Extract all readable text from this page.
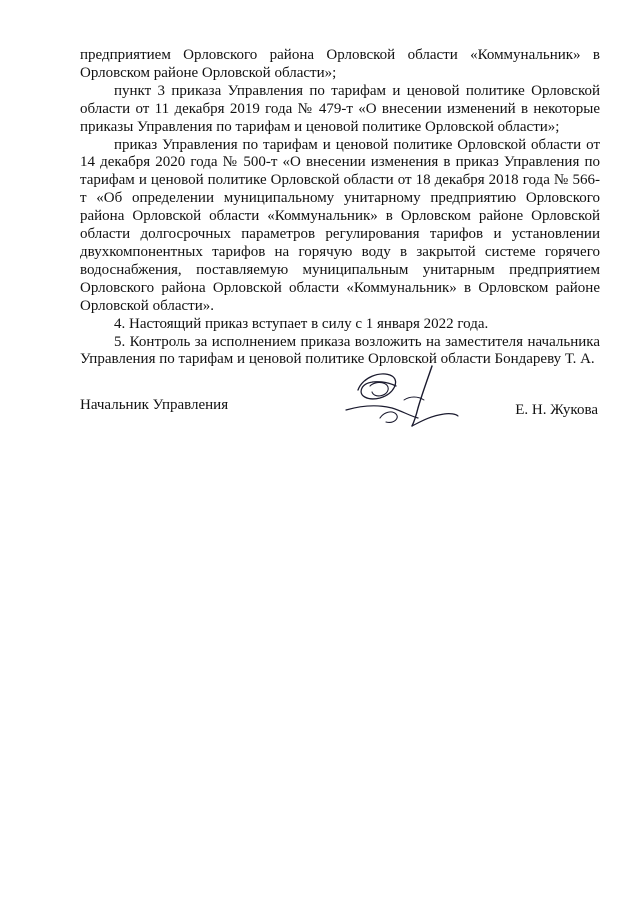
предприятием Орловского района Орловской области «Коммунальник» в Орловском районе Орловской области»;

пункт 3 приказа Управления по тарифам и ценовой политике Орловской области от 11 декабря 2019 года № 479-т «О внесении изменений в некоторые приказы Управления по тарифам и ценовой политике Орловской области»;

приказ Управления по тарифам и ценовой политике Орловской области от 14 декабря 2020 года № 500-т «О внесении изменения в приказ Управления по тарифам и ценовой политике Орловской области от 18 декабря 2018 года № 566-т «Об определении муниципальному унитарному предприятию Орловского района Орловской области «Коммунальник» в Орловском районе Орловской области долгосрочных параметров регулирования тарифов и установлении двухкомпонентных тарифов на горячую воду в закрытой системе горячего водоснабжения, поставляемую муниципальным унитарным предприятием Орловского района Орловской области «Коммунальник» в Орловском районе Орловской области».

4. Настоящий приказ вступает в силу с 1 января 2022 года.

5. Контроль за исполнением приказа возложить на заместителя начальника Управления по тарифам и ценовой политике Орловской области Бондареву Т. А.

Начальник Управления	Е. Н. Жукова
